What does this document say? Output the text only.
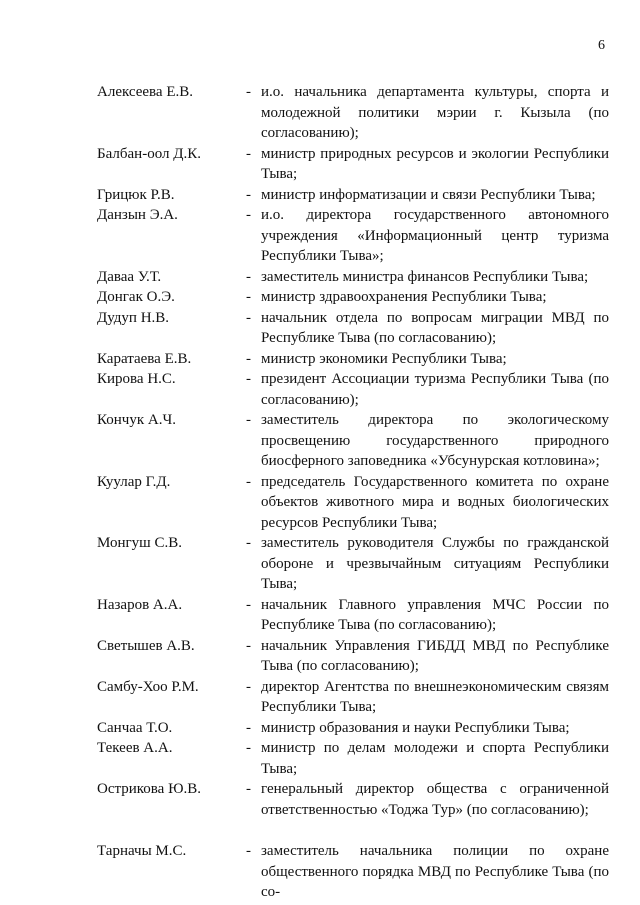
6
Алексеева Е.В.	- и.о. начальника департамента культуры, спорта и молодежной политики мэрии г. Кызыла (по согласованию);
Балбан-оол Д.К.	- министр природных ресурсов и экологии Республики Тыва;
Грицюк Р.В.	- министр информатизации и связи Республики Тыва;
Данзын Э.А.	- и.о. директора государственного автономного учреждения «Информационный центр туризма Республики Тыва»;
Даваа У.Т.	- заместитель министра финансов Республики Тыва;
Донгак О.Э.	- министр здравоохранения Республики Тыва;
Дудуп Н.В.	- начальник отдела по вопросам миграции МВД по Республике Тыва (по согласованию);
Каратаева Е.В.	- министр экономики Республики Тыва;
Кирова Н.С.	- президент Ассоциации туризма Республики Тыва (по согласованию);
Кончук А.Ч.	- заместитель директора по экологическому просвещению государственного природного биосферного заповедника «Убсунурская котловина»;
Куулар Г.Д.	- председатель Государственного комитета по охране объектов животного мира и водных биологических ресурсов Республики Тыва;
Монгуш С.В.	- заместитель руководителя Службы по гражданской обороне и чрезвычайным ситуациям Республики Тыва;
Назаров А.А.	- начальник Главного управления МЧС России по Республике Тыва (по согласованию);
Светышев А.В.	- начальник Управления ГИБДД МВД по Республике Тыва (по согласованию);
Самбу-Хоо Р.М.	- директор Агентства по внешнеэкономическим связям Республики Тыва;
Санчаа Т.О.	- министр образования и науки Республики Тыва;
Текеев А.А.	- министр по делам молодежи и спорта Республики Тыва;
Острикова Ю.В.	- генеральный директор общества с ограниченной ответственностью «Тоджа Тур» (по согласованию);
Тарначы М.С.	- заместитель начальника полиции по охране общественного порядка МВД по Республике Тыва (по со-
